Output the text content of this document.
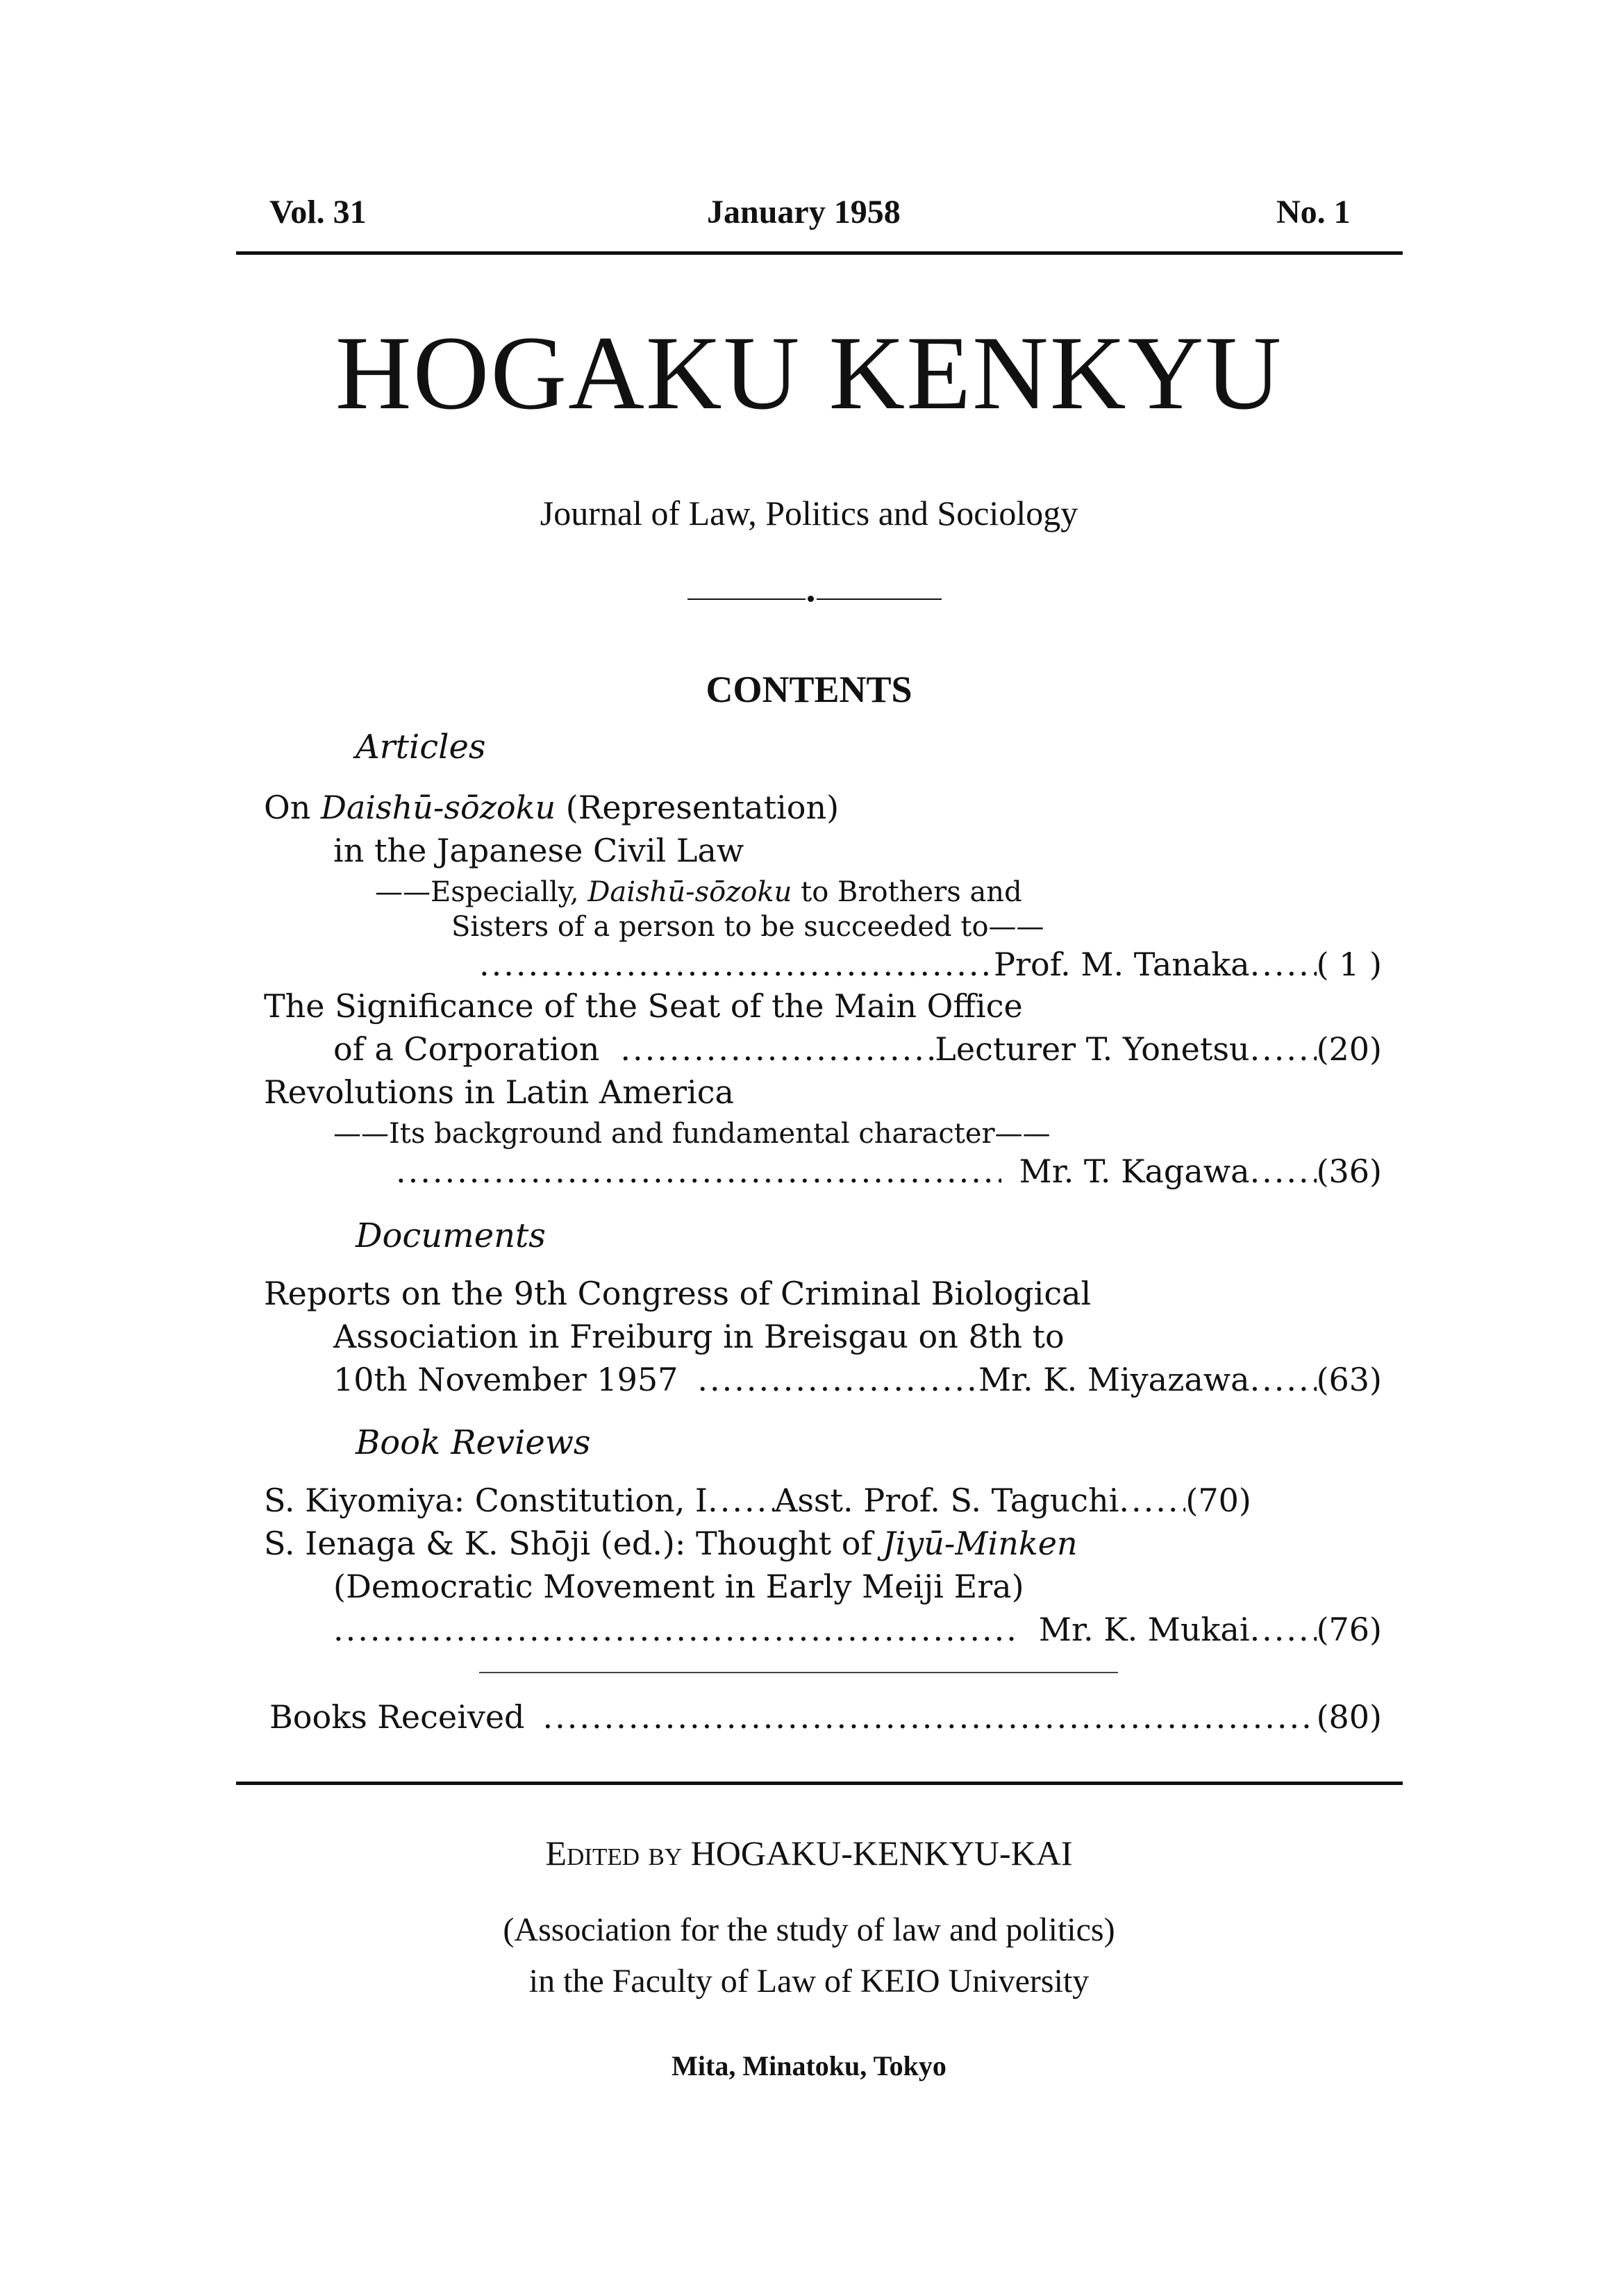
Vol. 31	January 1958	No. 1
HOGAKU KENKYU
Journal of Law, Politics and Sociology
CONTENTS
Articles
On Daishū-sōzoku (Representation)
in the Japanese Civil Law
——Especially, Daishū-sōzoku to Brothers and
Sisters of a person to be succeeded to——
.....
Prof. M. Tanaka ..... ( 1 )
The Significance of the Seat of the Main Office
of a Corporation .....	Lecturer T. Yonetsu ..... (20)
Revolutions in Latin America
——Its background and fundamental character——
.....
Mr. T. Kagawa ..... (36)
Documents
Reports on the 9th Congress of Criminal Biological
Association in Freiburg in Breisgau on 8th to
10th November 1957 .....	Mr. K. Miyazawa ..... (63)
Book Reviews
S. Kiyomiya: Constitution, I ..... Asst. Prof. S. Taguchi ..... (70)
S. Ienaga & K. Shōji (ed.): Thought of Jiyū-Minken
(Democratic Movement in Early Meiji Era)
.....
Mr. K. Mukai ..... (76)
Books Received .....	(80)
Edited by HOGAKU-KENKYU-KAI
(Association for the study of law and politics)
in the Faculty of Law of KEIO University
Mita, Minatoku, Tokyo
